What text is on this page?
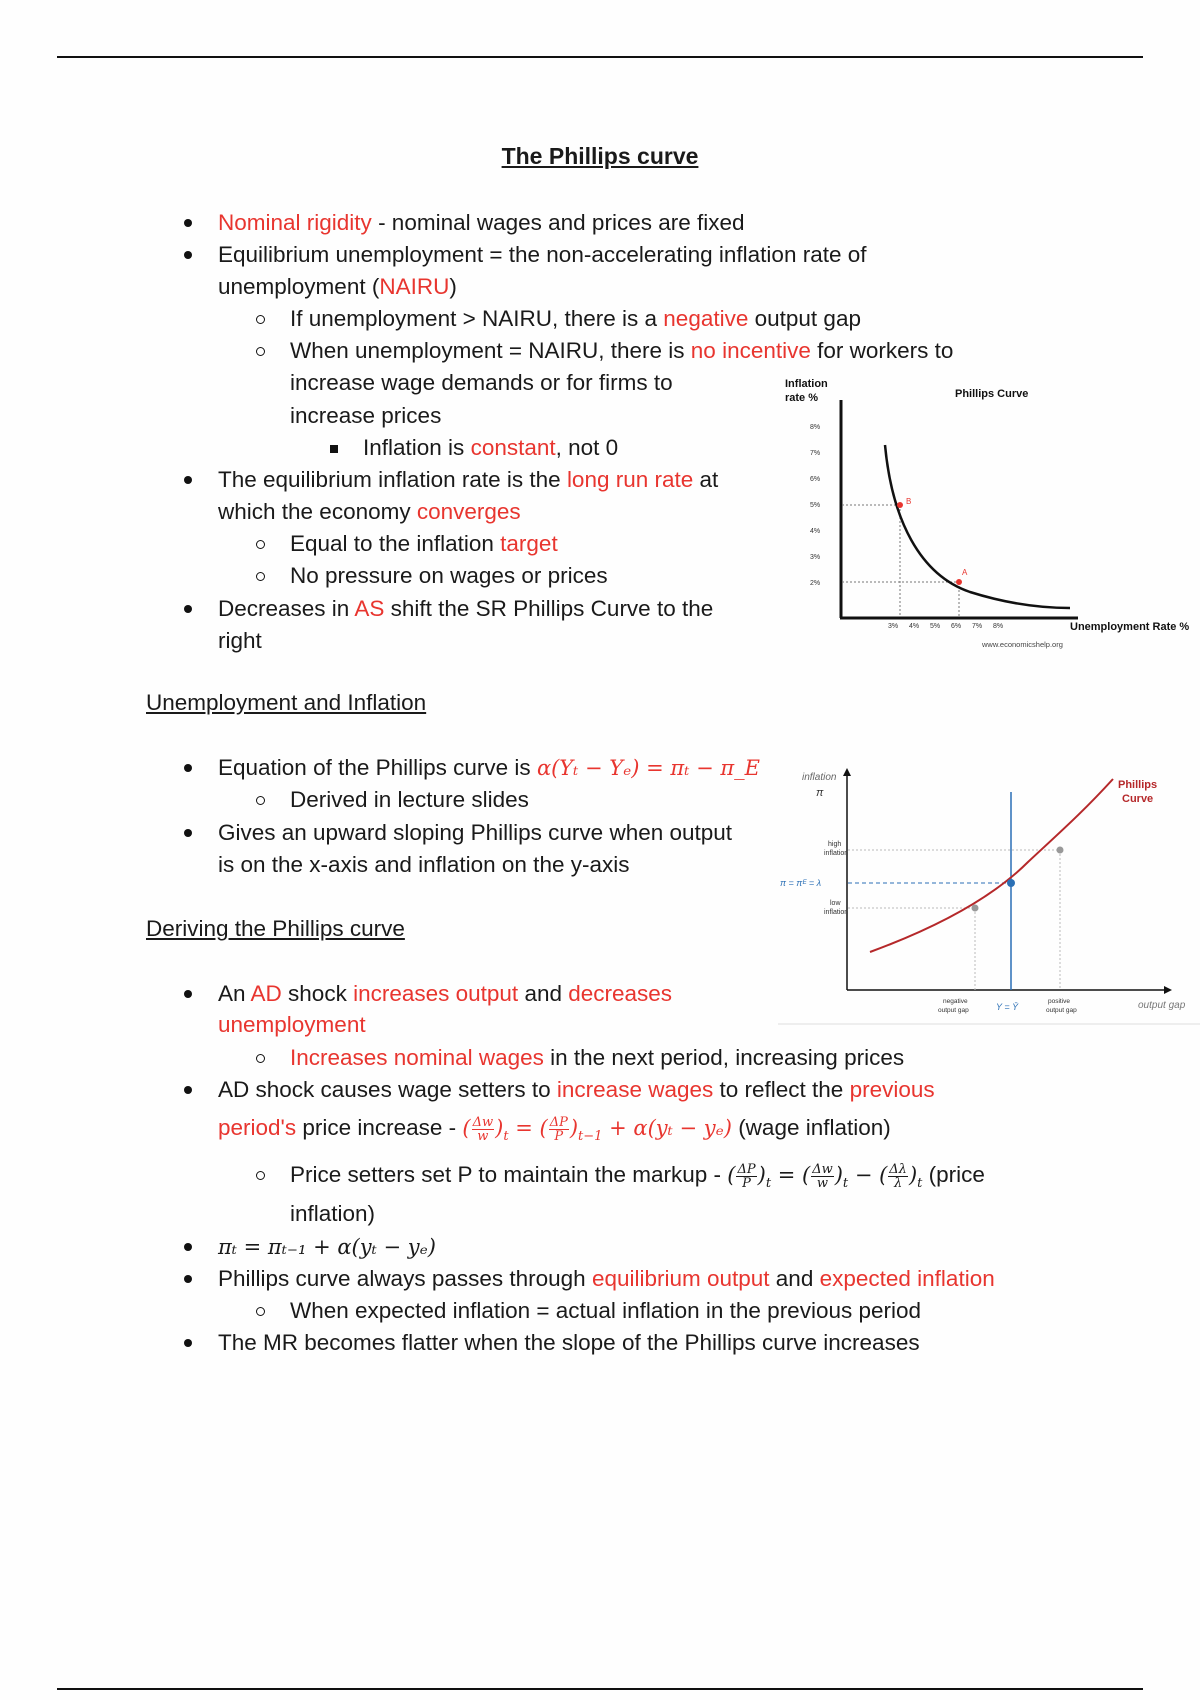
The Phillips curve
Nominal rigidity - nominal wages and prices are fixed
Equilibrium unemployment = the non-accelerating inflation rate of
unemployment (NAIRU)
If unemployment > NAIRU, there is a negative output gap
When unemployment = NAIRU, there is no incentive for workers to
increase wage demands or for firms to
increase prices
Inflation is constant, not 0
The equilibrium inflation rate is the long run rate at
which the economy converges
Equal to the inflation target
No pressure on wages or prices
Decreases in AS shift the SR Phillips Curve to the
right
Inflation
rate %	Phillips Curve
8%
7%
6%
5%
4%
3%
2%
3% 4% 5% 6% 7% 8%	Unemployment Rate %
www.economicshelp.org
B
A
Unemployment and Inflation
Equation of the Phillips curve is α(Yₜ − Yₑ) = πₜ − π_E
Derived in lecture slides
Gives an upward sloping Phillips curve when output
is on the x-axis and inflation on the y-axis
inflation
π
Phillips
Curve
high
inflation
low
inflation
π = πᴱ = λ
negative
output gap	Y = Ȳ
positive
output gap	output gap
Deriving the Phillips curve
An AD shock increases output and decreases
unemployment
Increases nominal wages in the next period, increasing prices
AD shock causes wage setters to increase wages to reflect the previous
period's price increase - ( $\frac{\Delta w}{w} )_t$ = ( $\frac{\Delta P}{P} )_{t-1} + \alpha(y_t - y_e)$ (wage inflation)
Price setters set P to maintain the markup - ( $\frac{\Delta P}{P} )_t$ = ( $\frac{\Delta w}{w} )_t$ − ( $\frac{\Delta\lambda}{\lambda} )_t$ (price
inflation)
πₜ = πₜ₋₁ + α(yₜ − yₑ)
Phillips curve always passes through equilibrium output and expected inflation
When expected inflation = actual inflation in the previous period
The MR becomes flatter when the slope of the Phillips curve increases
